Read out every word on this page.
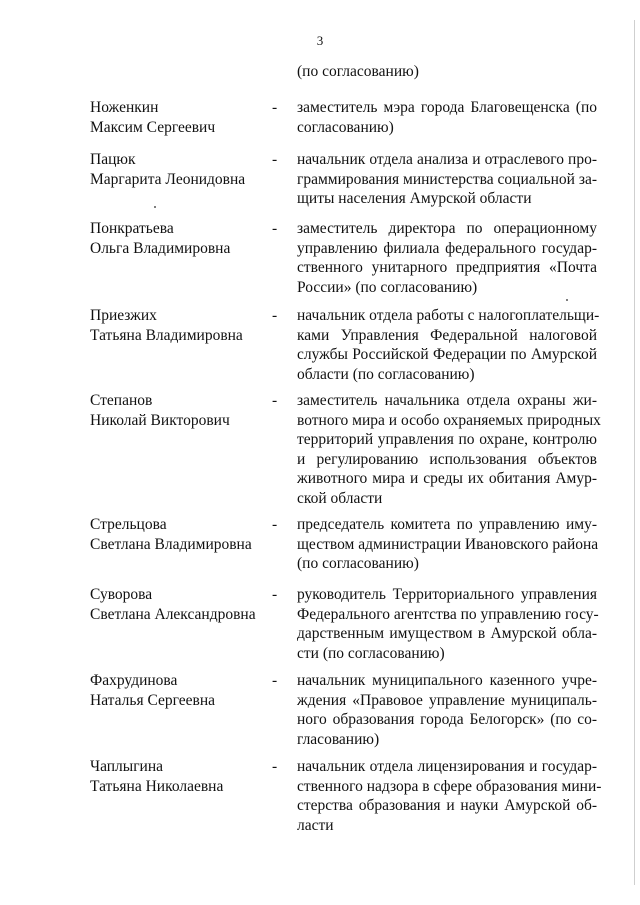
3
(по согласованию)
Ноженкин
Максим Сергеевич
- заместитель мэра города Благовещенска (по
согласованию)
Пацюк
Маргарита Леонидовна
- начальник отдела анализа и отраслевого про-
граммирования министерства социальной за-
щиты населения Амурской области
Понкратьева
Ольга Владимировна
- заместитель директора по операционному
управлению филиала федерального государ-
ственного унитарного предприятия «Почта
России» (по согласованию)
Приезжих
Татьяна Владимировна
- начальник отдела работы с налогоплательщи-
ками Управления Федеральной налоговой
службы Российской Федерации по Амурской
области (по согласованию)
Степанов
Николай Викторович
- заместитель начальника отдела охраны жи-
вотного мира и особо охраняемых природных
территорий управления по охране, контролю
и регулированию использования объектов
животного мира и среды их обитания Амур-
ской области
Стрельцова
Светлана Владимировна
- председатель комитета по управлению иму-
ществом администрации Ивановского района
(по согласованию)
Суворова
Светлана Александровна
- руководитель Территориального управления
Федерального агентства по управлению госу-
дарственным имуществом в Амурской обла-
сти (по согласованию)
Фахрудинова
Наталья Сергеевна
- начальник муниципального казенного учре-
ждения «Правовое управление муниципаль-
ного образования города Белогорск» (по со-
гласованию)
Чаплыгина
Татьяна Николаевна
- начальник отдела лицензирования и государ-
ственного надзора в сфере образования мини-
стерства образования и науки Амурской об-
ласти
